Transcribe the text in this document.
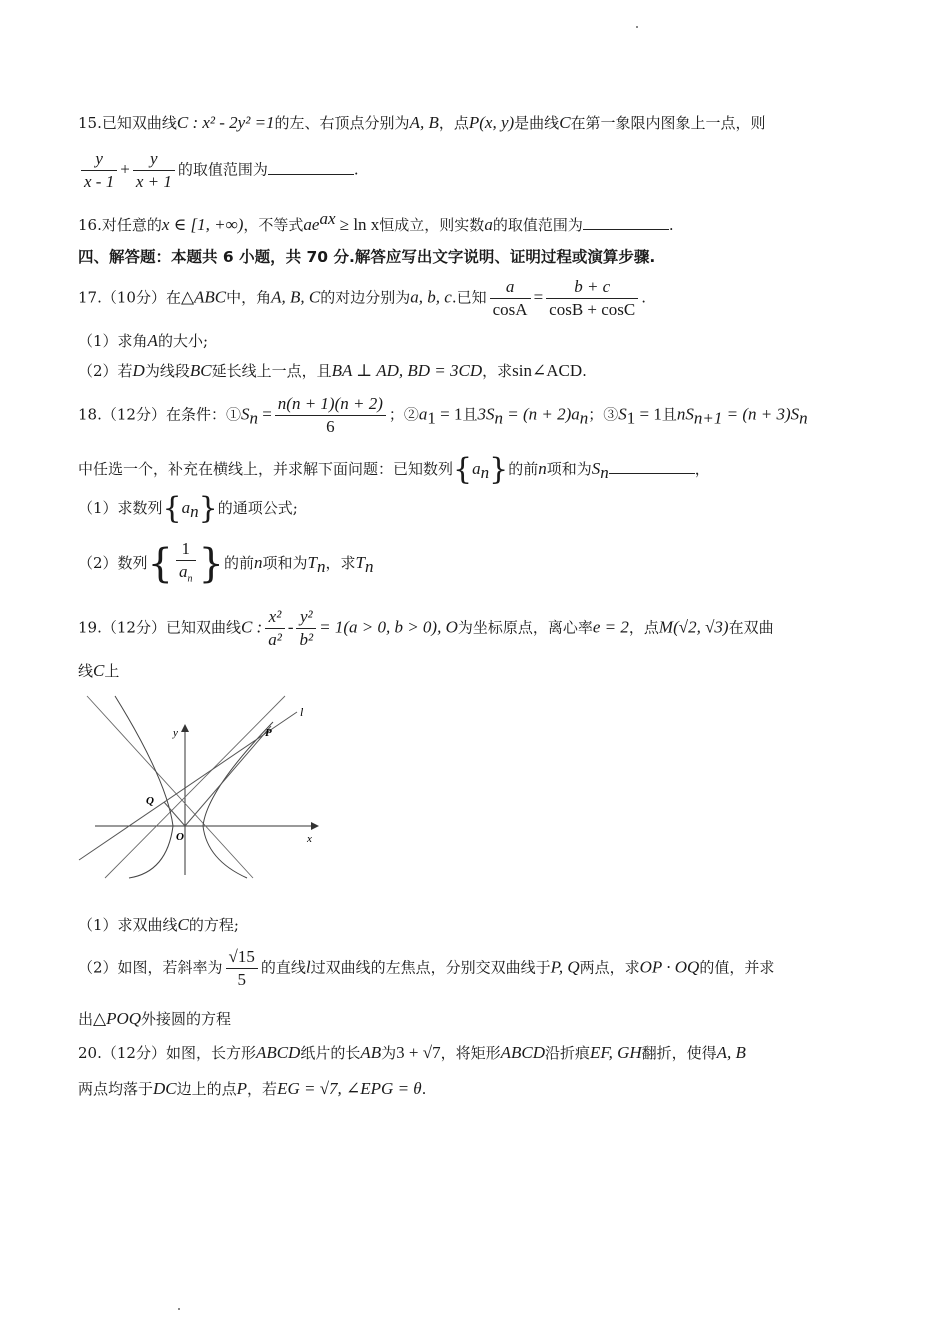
15.已知双曲线C : x² - 2y² =1的左、右顶点分别为A, B，点P(x, y)是曲线C在第一象限内图象上一点，则
$\frac{y}{x - 1} + \frac{y}{x + 1}$ 的取值范围为	.
16.对任意的x ∈ [1, +∞)，不等式$ae^{ax} \ge \ln x$恒成立，则实数a的取值范围为	.
四、解答题：本题共 6 小题，共 70 分.解答应写出文字说明、证明过程或演算步骤.
17.（10分）在△ABC中，角A, B, C的对边分别为a, b, c.已知 $\frac{a}{\cos A} = \frac{b + c}{\cos B + \cos C}$ .
（1）求角A的大小;
（2）若D为线段BC延长线上一点，且BA ⊥ AD, BD = 3CD，求sin∠ACD.
18.（12分）在条件：$①S_n = \frac{n(n + 1)(n + 2)}{6}$ ；$②a_1 = 1$且$3S_n = (n + 2)a_n$；$③S_1 = 1$且$nS_{n+1} = (n + 3)S_n$
中任选一个，补充在横线上，并求解下面问题：已知数列$\{a_n\}$的前n项和为$S_n$	，
（1）求数列$\{a_n\}$的通项公式;
（2）数列{ $\frac{1}{a_n}$ }的前n项和为$T_n$，求$T_n$
19.（12分）已知双曲线C : $\frac{\text{x²}}{\text{a²}} - \frac{\text{y²}}{\text{b²}} = 1(a > 0$, b > 0), O为坐标原点，离心率e = 2，点M(√2, √3)在双曲
线C上
y
x
O
P
Q
l
（1）求双曲线C的方程;
（2）如图，若斜率为 $\frac{√15}{5}$ 的直线l过双曲线的左焦点，分别交双曲线于P, Q两点，求OP · OQ的值，并求
出△POQ外接圆的方程
20.（12分）如图，长方形ABCD纸片的长AB为3 + √7，将矩形ABCD沿折痕EF, GH翻折，使得A, B
两点均落于DC边上的点P，若EG = √7, ∠EPG = θ.
